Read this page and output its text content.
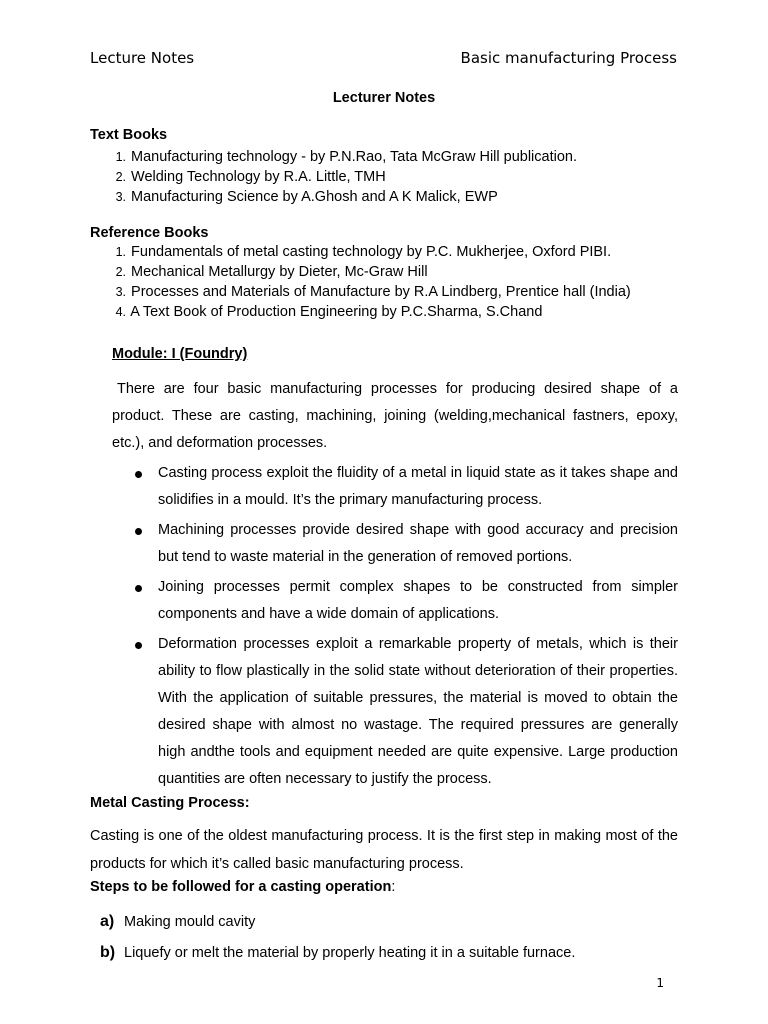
Lecture Notes	Basic manufacturing Process
Lecturer Notes
Text Books
1. Manufacturing technology - by P.N.Rao, Tata McGraw Hill publication.
2. Welding Technology by R.A. Little, TMH
3. Manufacturing Science by A.Ghosh and A K Malick, EWP
Reference Books
1. Fundamentals of metal casting technology by P.C. Mukherjee, Oxford PIBI.
2. Mechanical Metallurgy by Dieter, Mc-Graw Hill
3. Processes and Materials of Manufacture by R.A Lindberg, Prentice hall (India)
4. A Text Book of Production Engineering by P.C.Sharma, S.Chand
Module: I (Foundry)
There are four basic manufacturing processes for producing desired shape of a product. These are casting, machining, joining (welding,mechanical fastners, epoxy, etc.), and deformation processes.
Casting process exploit the fluidity of a metal in liquid state as it takes shape and solidifies in a mould. It’s the primary manufacturing process.
Machining processes provide desired shape with good accuracy and precision but tend to waste material in the generation of removed portions.
Joining processes permit complex shapes to be constructed from simpler components and have a wide domain of applications.
Deformation processes exploit a remarkable property of metals, which is their ability to flow plastically in the solid state without deterioration of their properties. With the application of suitable pressures, the material is moved to obtain the desired shape with almost no wastage. The required pressures are generally high andthe tools and equipment needed are quite expensive. Large production quantities are often necessary to justify the process.
Metal Casting Process:
Casting is one of the oldest manufacturing process. It is the first step in making most of the products for which it’s called basic manufacturing process.
Steps to be followed for a casting operation:
a) Making mould cavity
b) Liquefy or melt the material by properly heating it in a suitable furnace.
1
